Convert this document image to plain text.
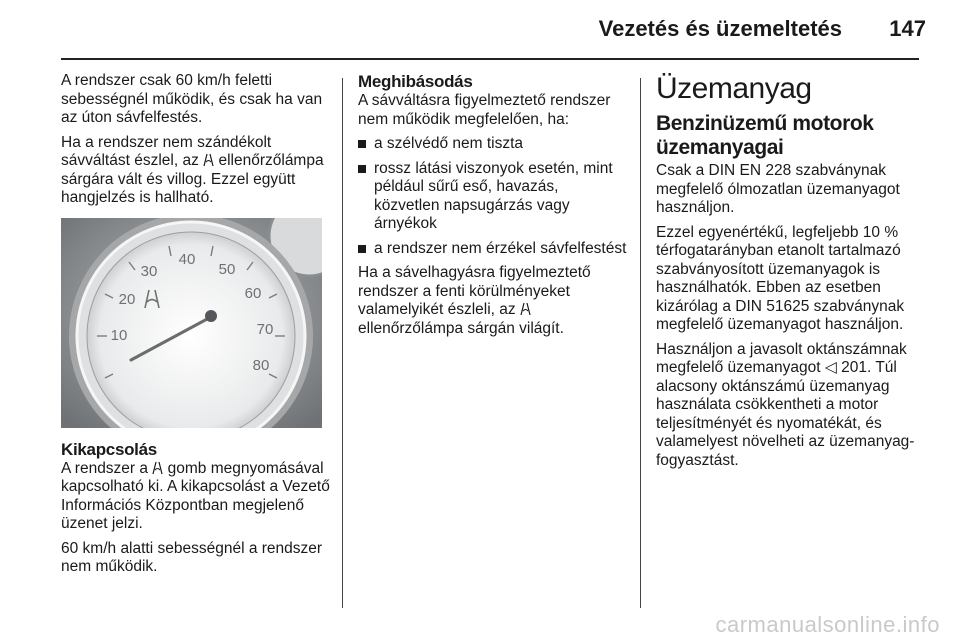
Vezetés és üzemeltetés	147

A rendszer csak 60 km/h feletti sebességnél működik, és csak ha van az úton sávfelfestés.

Ha a rendszer nem szándékolt sávváltást észlel, az ellenőrzőlámpa sárgára vált és villog. Ezzel együtt hangjelzés is hallható.

10
20
30
40
50
60
70
80
Kikapcsolás

A rendszer a gomb megnyomásával kapcsolható ki. A kikapcsolást a Vezető Információs Központban megjelenő üzenet jelzi.

60 km/h alatti sebességnél a rendszer nem működik.

Meghibásodás

A sávváltásra figyelmeztető rendszer nem működik megfelelően, ha:

a szélvédő nem tiszta
rossz látási viszonyok esetén, mint például sűrű eső, havazás, közvetlen napsugárzás vagy árnyékok
a rendszer nem érzékel sávfelfestést

Ha a sávelhagyásra figyelmeztető rendszer a fenti körülményeket valamelyikét észleli, az  ellenőrzőlámpa sárgán világít.

Üzemanyag
Benzinüzemű motorok üzemanyagai

Csak a DIN EN 228 szabványnak megfelelő ólmozatlan üzemanyagot használjon.

Ezzel egyenértékű, legfeljebb 10 % térfogatarányban etanolt tartalmazó szabványosított üzemanyagok is használhatók. Ebben az esetben kizárólag a DIN 51625 szabványnak megfelelő üzemanyagot használjon.

Használjon a javasolt oktánszámnak megfelelő üzemanyagot ◁ 201. Túl alacsony oktánszámú üzemanyag használata csökkentheti a motor teljesítményét és nyomatékát, és valamelyest növelheti az üzemanyag-fogyasztást.

carmanualsonline.info
